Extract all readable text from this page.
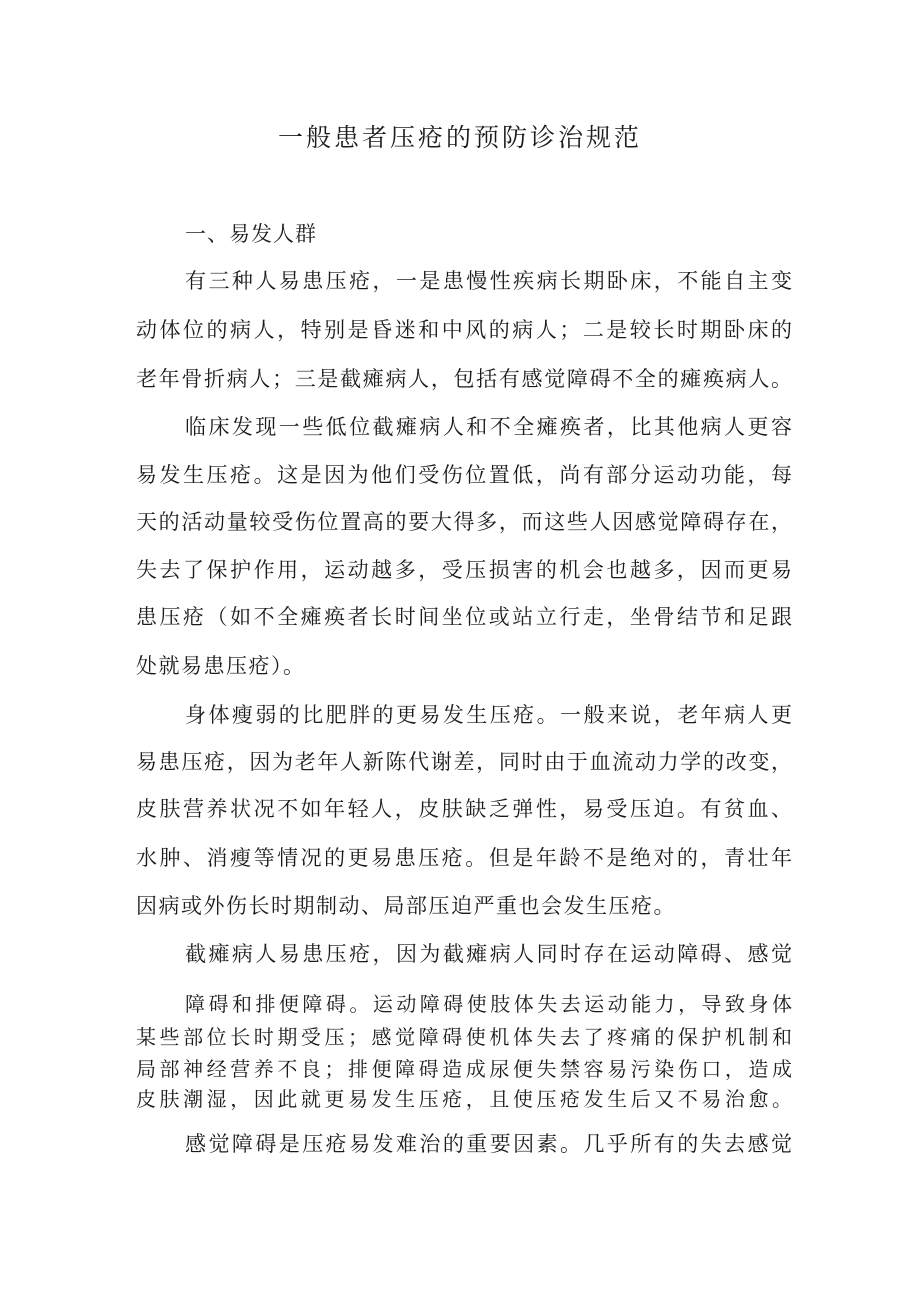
一般患者压疮的预防诊治规范
一、易发人群

有三种人易患压疮，一是患慢性疾病长期卧床，不能自主变

动体位的病人，特别是昏迷和中风的病人；二是较长时期卧床的

老年骨折病人；三是截瘫病人，包括有感觉障碍不全的瘫痪病人。

临床发现一些低位截瘫病人和不全瘫痪者，比其他病人更容

易发生压疮。这是因为他们受伤位置低，尚有部分运动功能，每

天的活动量较受伤位置高的要大得多，而这些人因感觉障碍存在，

失去了保护作用，运动越多，受压损害的机会也越多，因而更易

患压疮（如不全瘫痪者长时间坐位或站立行走，坐骨结节和足跟

处就易患压疮）。

身体瘦弱的比肥胖的更易发生压疮。一般来说，老年病人更

易患压疮，因为老年人新陈代谢差，同时由于血流动力学的改变，

皮肤营养状况不如年轻人，皮肤缺乏弹性，易受压迫。有贫血、

水肿、消瘦等情况的更易患压疮。但是年龄不是绝对的，青壮年

因病或外伤长时期制动、局部压迫严重也会发生压疮。

截瘫病人易患压疮，因为截瘫病人同时存在运动障碍、感觉

障碍和排便障碍。运动障碍使肢体失去运动能力，导致身体

某些部位长时期受压；感觉障碍使机体失去了疼痛的保护机制和

局部神经营养不良；排便障碍造成尿便失禁容易污染伤口，造成

皮肤潮湿，因此就更易发生压疮，且使压疮发生后又不易治愈。

感觉障碍是压疮易发难治的重要因素。几乎所有的失去感觉
